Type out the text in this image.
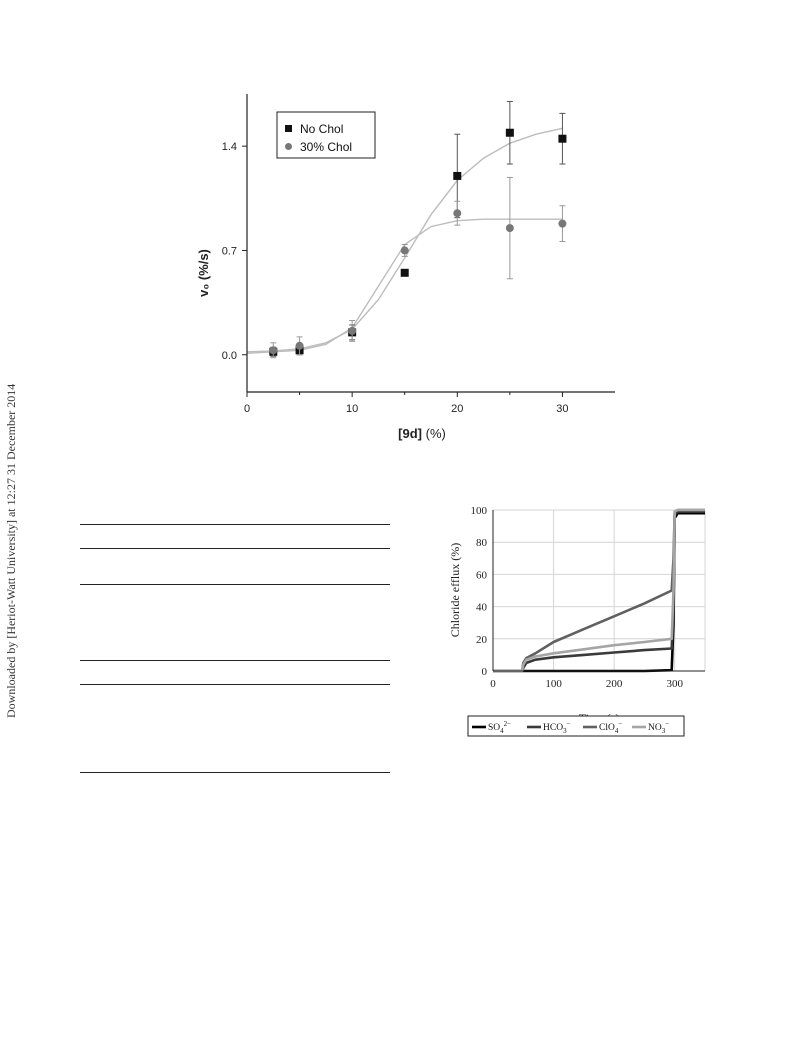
Downloaded by [Heriot-Watt University] at 12:27 31 December 2014	0	10	20	30
0.0
0.7
1.4
No Chol
30% Chol
v₀ (%/s)
[9d] (%)
0
20
40
60
80
100
0	100	200	300
Chloride efflux (%)
$SO_4^{2-}$	$HCO_3^-$	ClO$_4$−	$NO_3^-$
